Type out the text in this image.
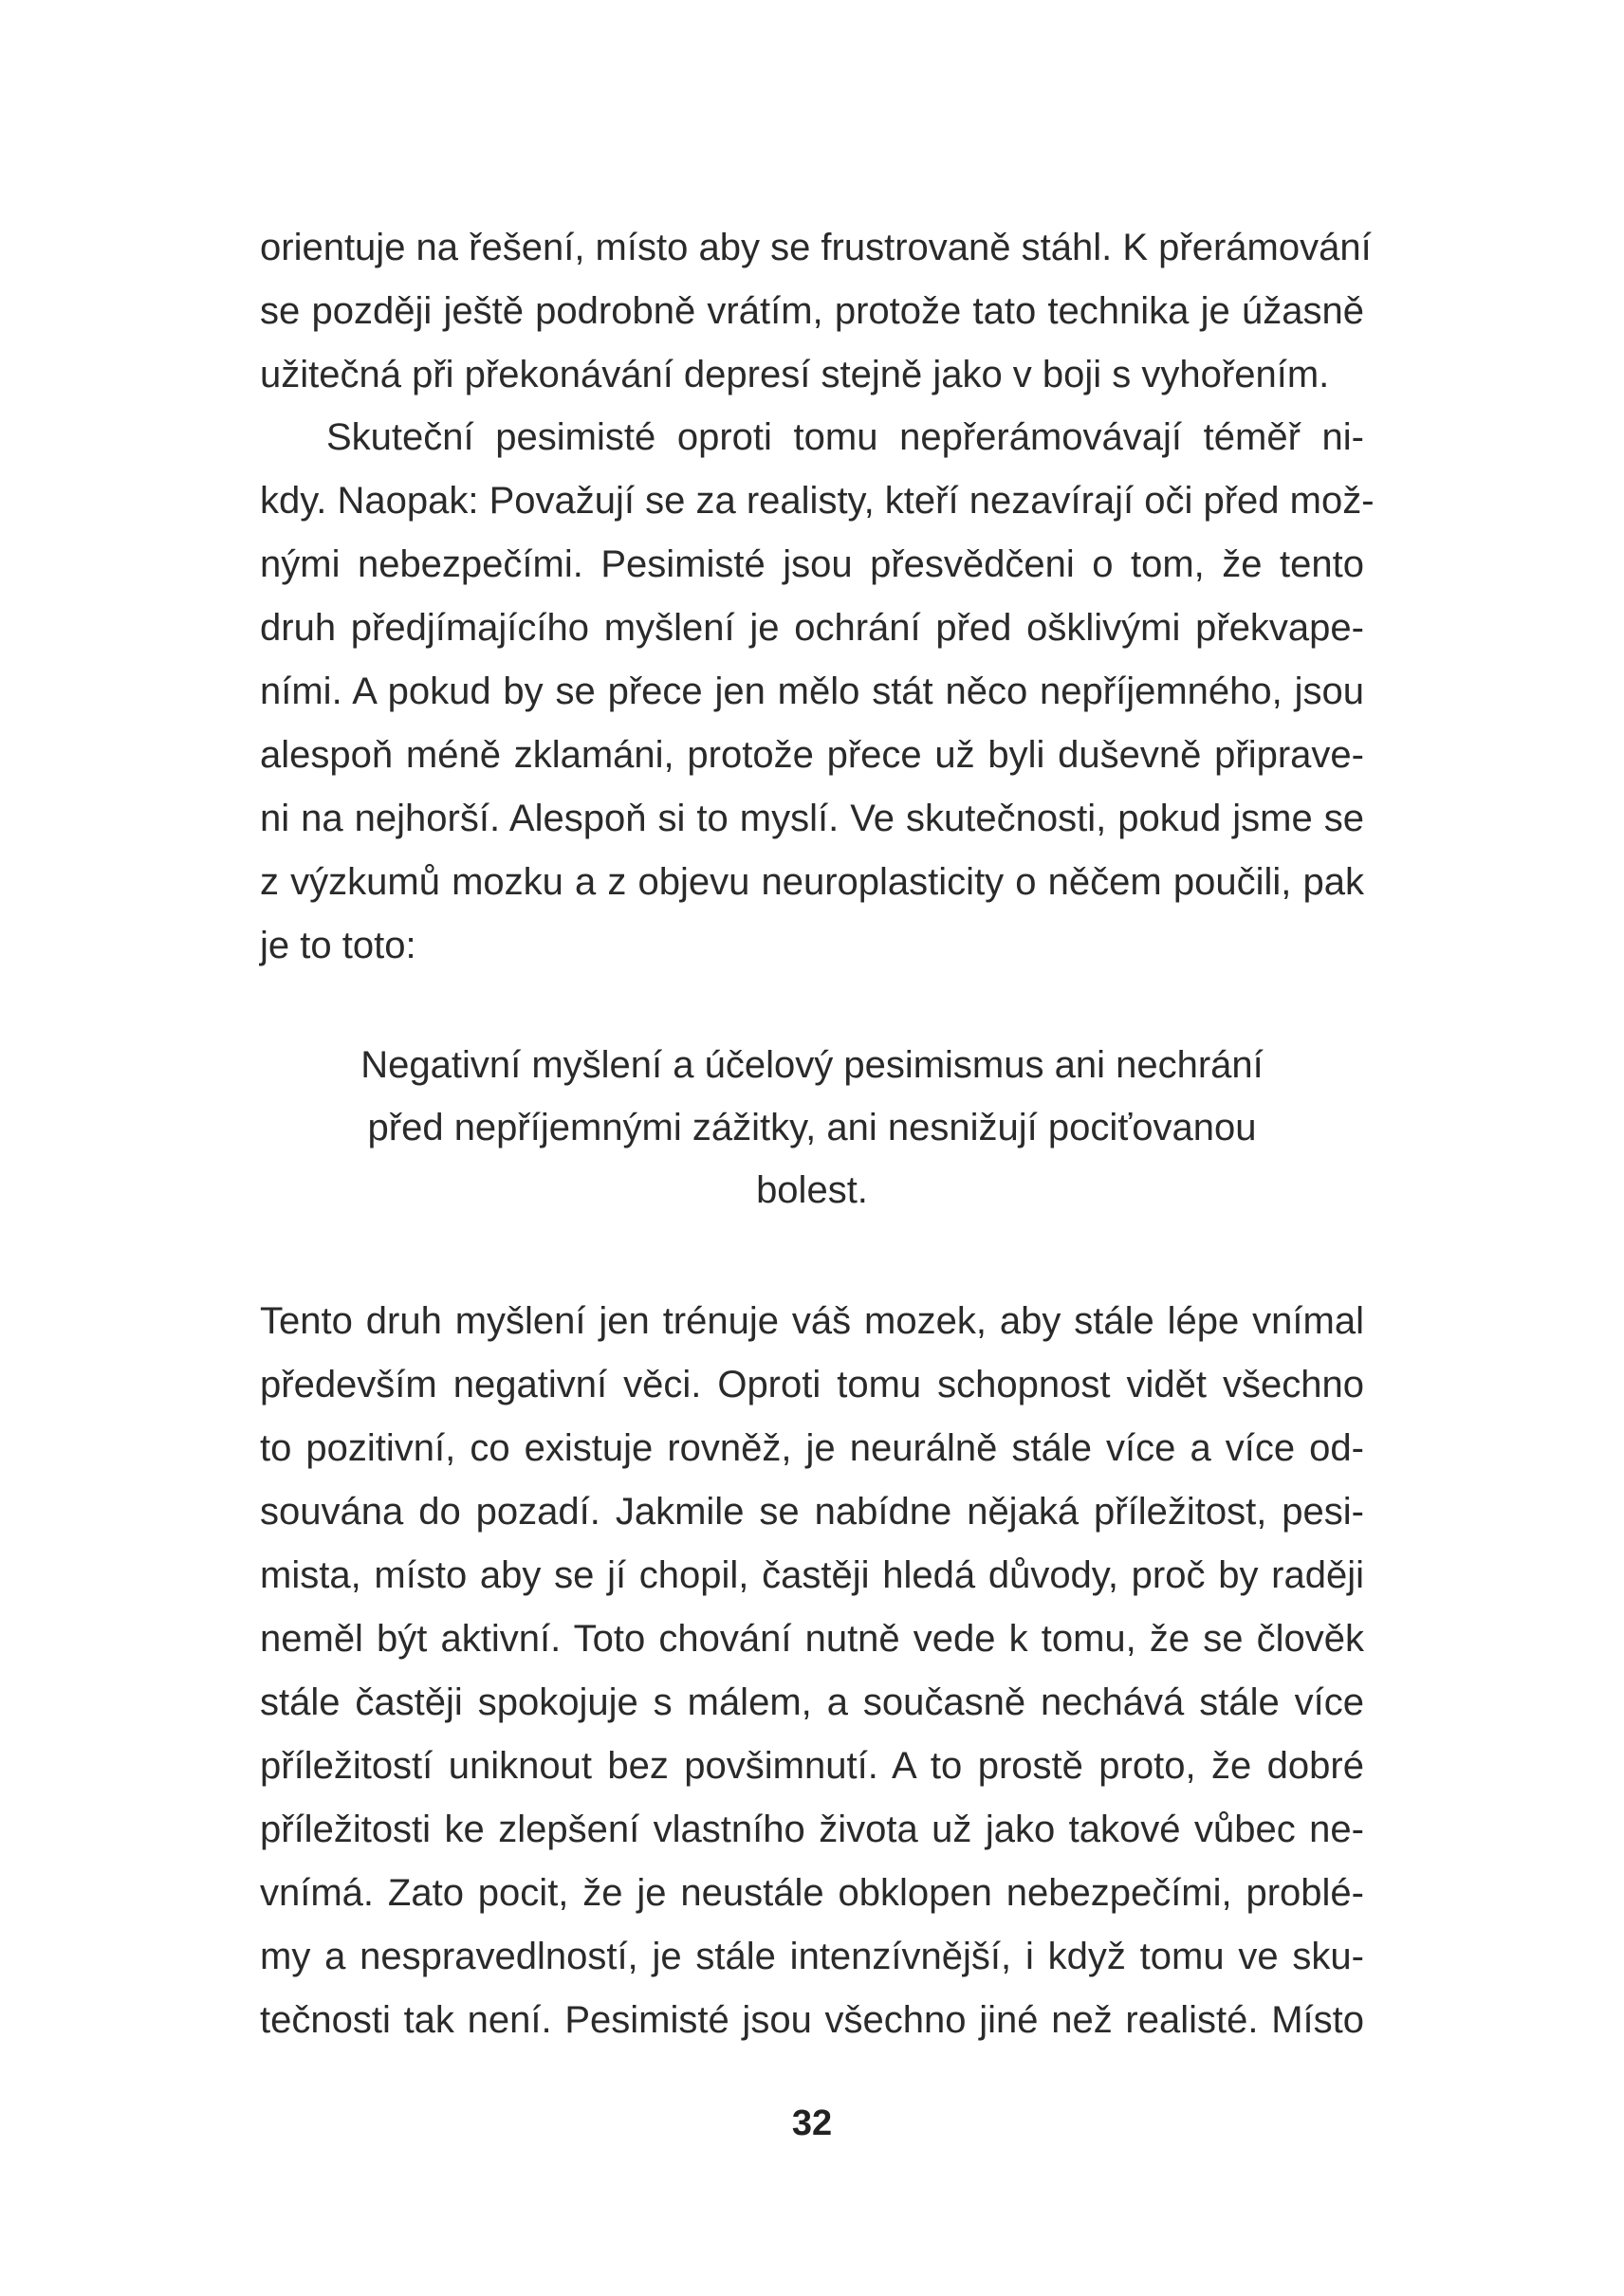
orientuje na řešení, místo aby se frustrovaně stáhl. K přerámování
se později ještě podrobně vrátím, protože tato technika je úžasně
užitečná při překonávání depresí stejně jako v boji s vyhořením.
Skuteční pesimisté oproti tomu nepřerámovávají téměř ni-
kdy. Naopak: Považují se za realisty, kteří nezavírají oči před mož-
nými nebezpečími. Pesimisté jsou přesvědčeni o tom, že tento
druh předjímajícího myšlení je ochrání před ošklivými překvape-
ními. A pokud by se přece jen mělo stát něco nepříjemného, jsou
alespoň méně zklamáni, protože přece už byli duševně připrave-
ni na nejhorší. Alespoň si to myslí. Ve skutečnosti, pokud jsme se
z výzkumů mozku a z objevu neuroplasticity o něčem poučili, pak
je to toto:
Negativní myšlení a účelový pesimismus ani nechrání
před nepříjemnými zážitky, ani nesnižují pociťovanou
bolest.
Tento druh myšlení jen trénuje váš mozek, aby stále lépe vnímal
především negativní věci. Oproti tomu schopnost vidět všechno
to pozitivní, co existuje rovněž, je neurálně stále více a více od-
souvána do pozadí. Jakmile se nabídne nějaká příležitost, pesi-
mista, místo aby se jí chopil, častěji hledá důvody, proč by raději
neměl být aktivní. Toto chování nutně vede k tomu, že se člověk
stále častěji spokojuje s málem, a současně nechává stále více
příležitostí uniknout bez povšimnutí. A to prostě proto, že dobré
příležitosti ke zlepšení vlastního života už jako takové vůbec ne-
vnímá. Zato pocit, že je neustále obklopen nebezpečími, problé-
my a nespravedlností, je stále intenzívnější, i když tomu ve sku-
tečnosti tak není. Pesimisté jsou všechno jiné než realisté. Místo
32
